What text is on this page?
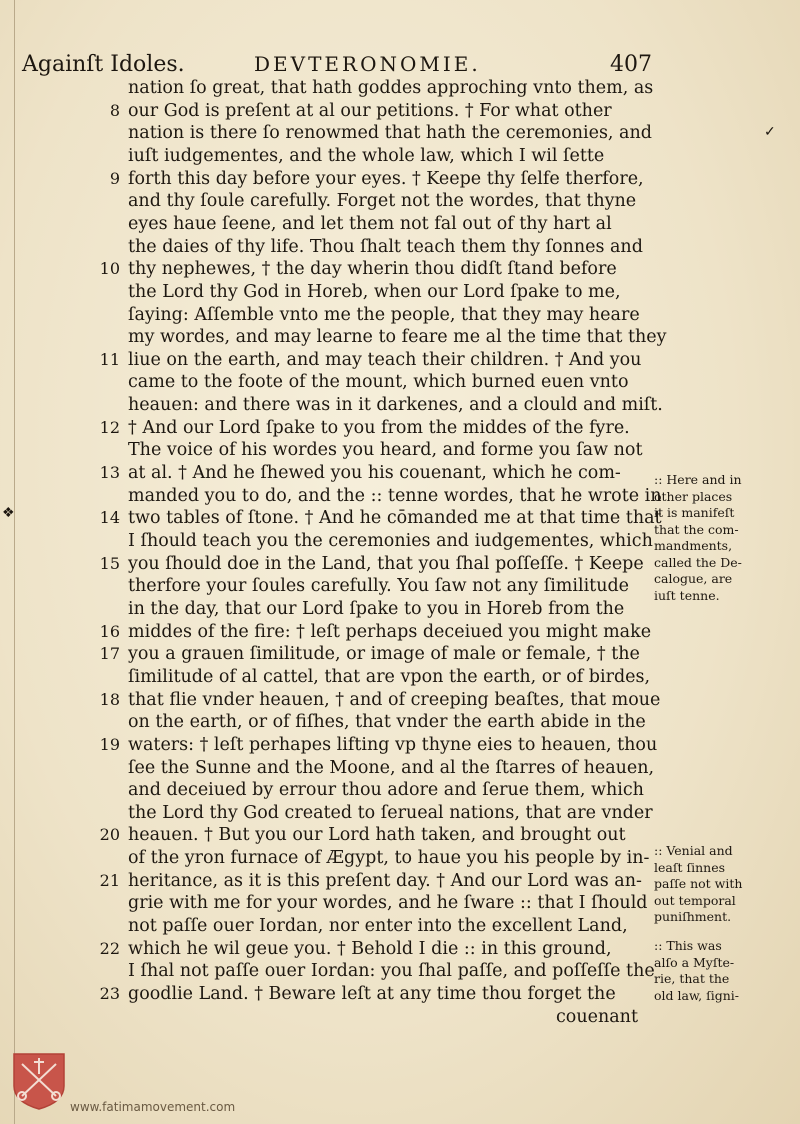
Againſt Idoles.	DEVTERONOMIE.	407
nation ſo great, that hath goddes approching vnto them, as
8 our God is preſent at al our petitions. † For what other
nation is there ſo renowmed that hath the ceremonies, and
iuſt iudgementes, and the whole law, which I wil ſette
9 forth this day before your eyes. † Keepe thy ſelfe therfore,
and thy ſoule carefully. Forget not the wordes, that thyne
eyes haue ſeene, and let them not fal out of thy hart al
the daies of thy life. Thou ſhalt teach them thy ſonnes and
10 thy nephewes, † the day wherin thou didſt ſtand before
the Lord thy God in Horeb, when our Lord ſpake to me,
ſaying: Aſſemble vnto me the people, that they may heare
my wordes, and may learne to feare me al the time that they
11 liue on the earth, and may teach their children. † And you
came to the foote of the mount, which burned euen vnto
heauen: and there was in it darkenes, and a clould and miſt.
12 † And our Lord ſpake to you from the middes of the fyre.
The voice of his wordes you heard, and forme you ſaw not
13 at al. † And he ſhewed you his couenant, which he com-
manded you to do, and the :: tenne wordes, that he wrote in
14 two tables of ſtone. † And he cōmanded me at that time that
I ſhould teach you the ceremonies and iudgementes, which
15 you ſhould doe in the Land, that you ſhal poſſeſſe. † Keepe
therfore your ſoules carefully. You ſaw not any ſimilitude
in the day, that our Lord ſpake to you in Horeb from the
16 middes of the fire: † leſt perhaps deceiued you might make
17 you a grauen ſimilitude, or image of male or female, † the
ſimilitude of al cattel, that are vpon the earth, or of birdes,
18 that flie vnder heauen, † and of creeping beaſtes, that moue
on the earth, or of fiſhes, that vnder the earth abide in the
19 waters: † leſt perhapes lifting vp thyne eies to heauen, thou
ſee the Sunne and the Moone, and al the ſtarres of heauen,
and deceiued by errour thou adore and ſerue them, which
the Lord thy God created to ſerueal nations, that are vnder
20 heauen. † But you our Lord hath taken, and brought out
of the yron furnace of Ægypt, to haue you his people by in-
21 heritance, as it is this preſent day. † And our Lord was an-
grie with me for your wordes, and he ſware :: that I ſhould
not paſſe ouer Iordan, nor enter into the excellent Land,
22 which he wil geue you. † Behold I die :: in this ground,
I ſhal not paſſe ouer Iordan: you ſhal paſſe, and poſſeſſe the
23 goodlie Land. † Beware leſt at any time thou forget the
couenant
:: Here and in
other places
it is manifeſt
that the com-
mandments,
called the De-
calogue, are
iuſt tenne.
:: Venial and
leaſt ſinnes
paſſe not with
out temporal
puniſhment.
:: This was
alſo a Myſte-
rie, that the
old law, ſigni-
✓
❖
www.fatimamovement.com
